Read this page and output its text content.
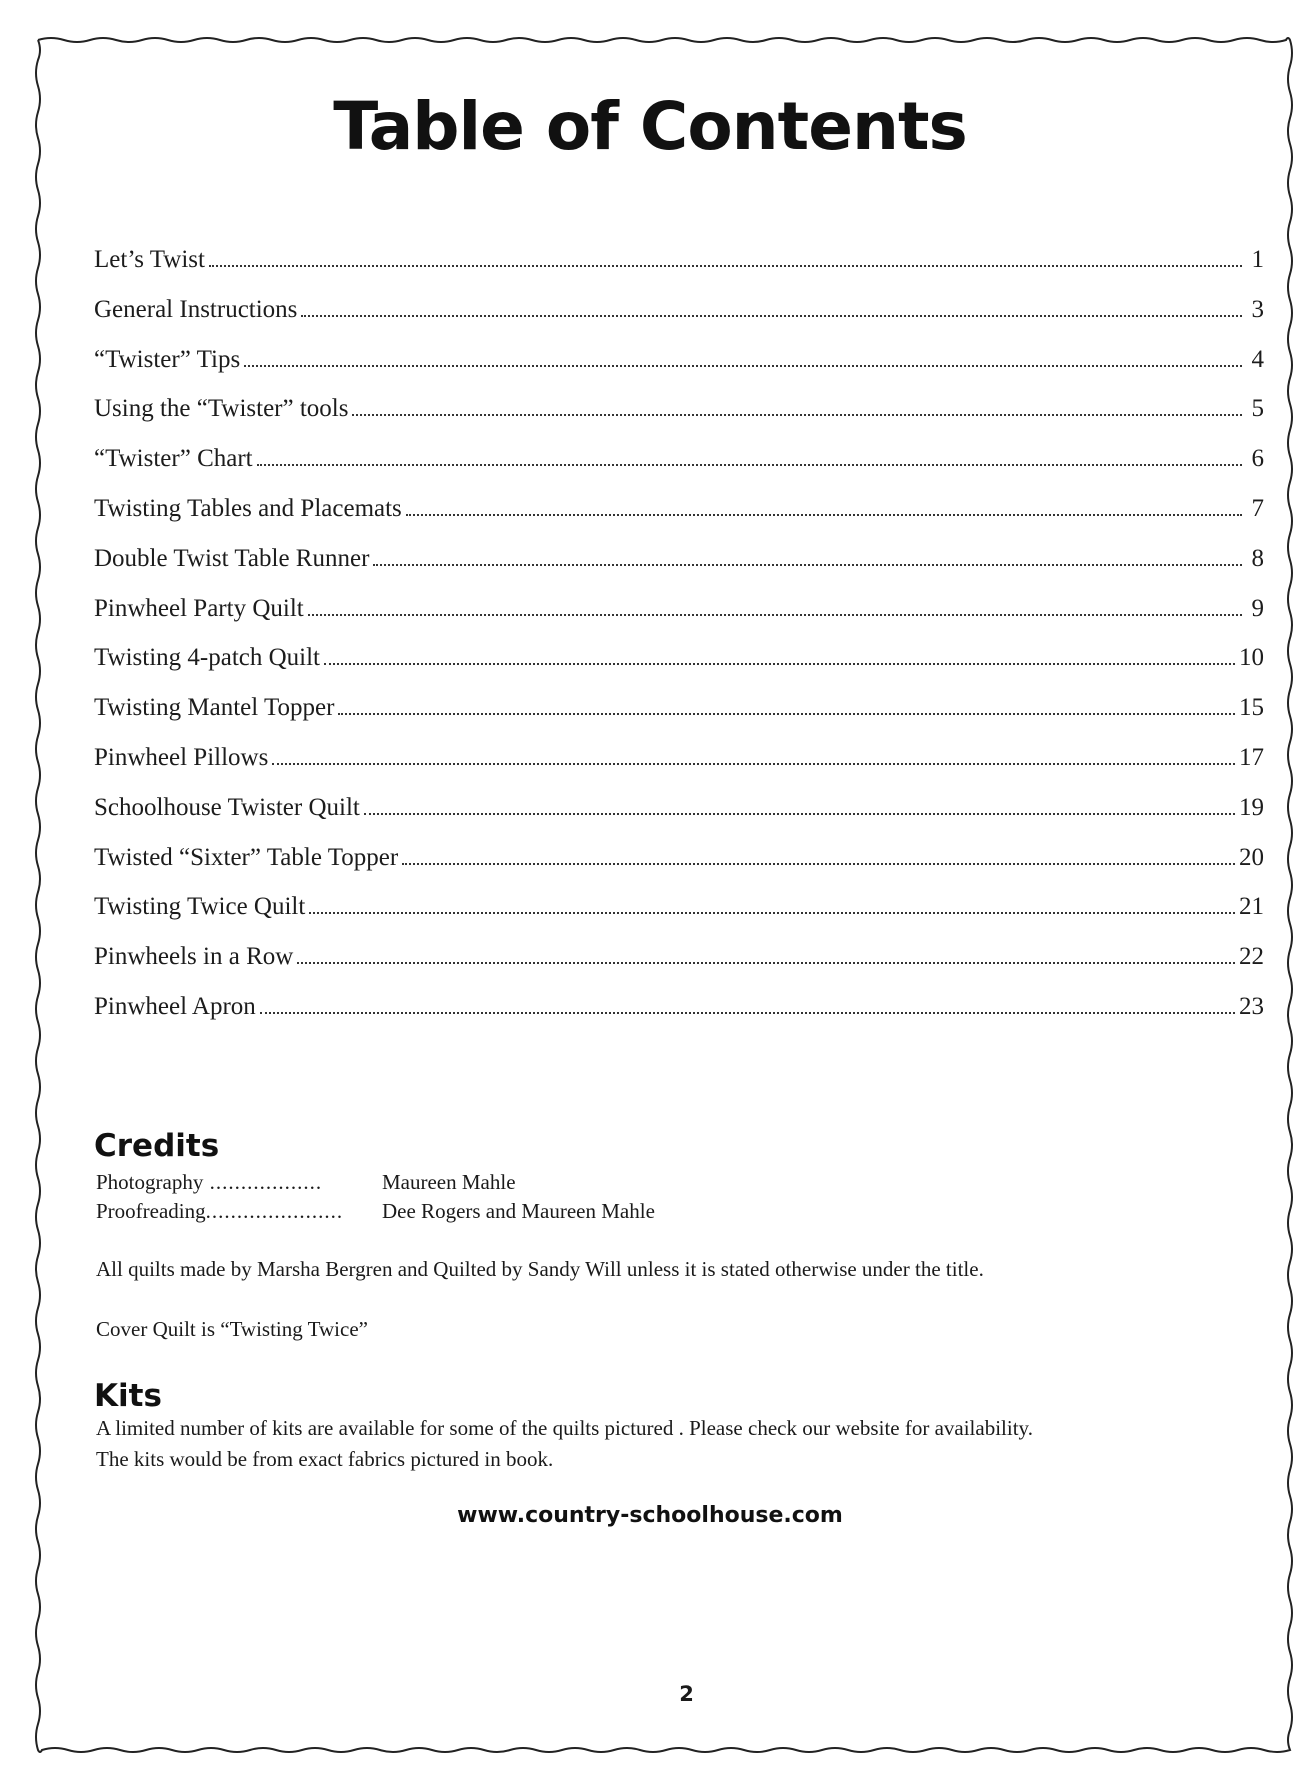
Table of Contents
Let’s Twist	1
General Instructions	3
“Twister” Tips	4
Using the “Twister” tools	5
“Twister” Chart	6
Twisting Tables and Placemats	7
Double Twist Table Runner	8
Pinwheel Party Quilt	9
Twisting 4-patch Quilt	10
Twisting Mantel Topper	15
Pinwheel Pillows	17
Schoolhouse Twister Quilt	19
Twisted “Sixter” Table Topper	20
Twisting Twice Quilt	21
Pinwheels in a Row	22
Pinwheel Apron	23
Credits
Photography ..................	Maureen Mahle
Proofreading......................	Dee Rogers and Maureen Mahle
All quilts made by Marsha Bergren and Quilted by Sandy Will unless it is stated otherwise under the title.
Cover Quilt is “Twisting Twice”
Kits
A limited number of kits are available for some of the quilts pictured . Please check our website for availability.
The kits would be from exact fabrics pictured in book.
www.country-schoolhouse.com
2
